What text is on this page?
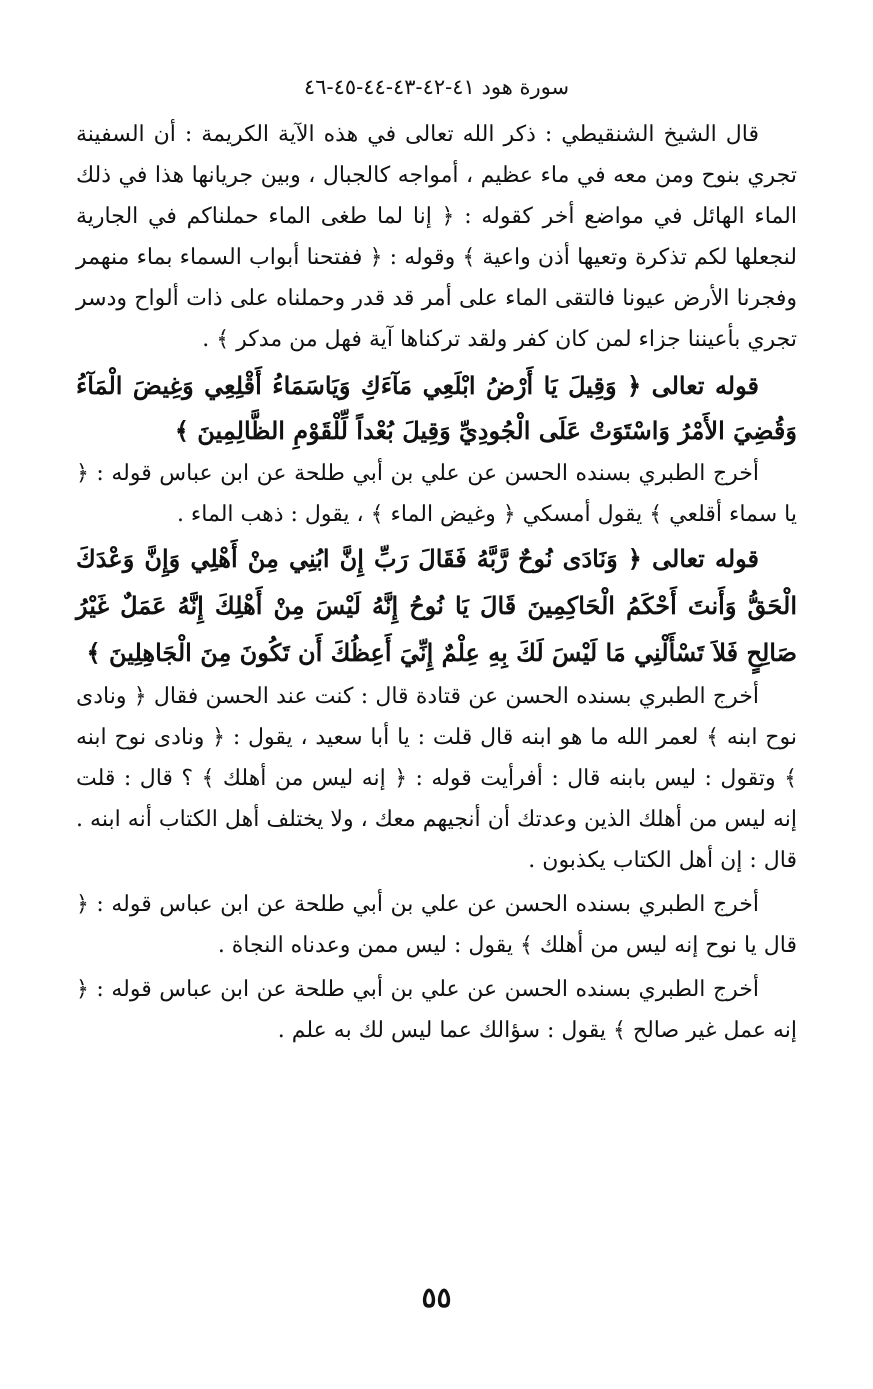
سورة هود ٤١-٤٢-٤٣-٤٤-٤٥-٤٦

قال الشيخ الشنقيطي : ذكر الله تعالى في هذه الآية الكريمة : أن السفينة تجري بنوح ومن معه في ماء عظيم ، أمواجه كالجبال ، وبين جريانها هذا في ذلك الماء الهائل في مواضع أخر كقوله : ﴿ إنا لما طغى الماء حملناكم في الجارية لنجعلها لكم تذكرة وتعيها أذن واعية ﴾ وقوله : ﴿ ففتحنا أبواب السماء بماء منهمر وفجرنا الأرض عيونا فالتقى الماء على أمر قد قدر وحملناه على ذات ألواح ودسر تجري بأعيننا جزاء لمن كان كفر ولقد تركناها آية فهل من مدكر ﴾ .

قوله تعالى ﴿ وَقِيلَ يَا أَرْضُ ابْلَعِي مَآءَكِ وَيَاسَمَاءُ أَقْلِعِي وَغِيضَ الْمَآءُ وَقُضِيَ الأَمْرُ وَاسْتَوَتْ عَلَى الْجُودِيِّ وَقِيلَ بُعْداً لِّلْقَوْمِ الظَّالِمِينَ ﴾

أخرج الطبري بسنده الحسن عن علي بن أبي طلحة عن ابن عباس قوله : ﴿ يا سماء أقلعي ﴾ يقول أمسكي ﴿ وغيض الماء ﴾ ، يقول : ذهب الماء .

قوله تعالى ﴿ وَنَادَى نُوحٌ رَّبَّهُ فَقَالَ رَبِّ إِنَّ ابُنِي مِنْ أَهْلِي وَإِنَّ وَعْدَكَ الْحَقُّ وَأَنتَ أَحْكَمُ الْحَاكِمِينَ قَالَ يَا نُوحُ إِنَّهُ لَيْسَ مِنْ أَهْلِكَ إِنَّهُ عَمَلٌ غَيْرُ صَالِحٍ فَلاَ تَسْأَلْنِي مَا لَيْسَ لَكَ بِهِ عِلْمٌ إِنِّيَ أَعِظُكَ أَن تَكُونَ مِنَ الْجَاهِلِينَ ﴾

أخرج الطبري بسنده الحسن عن قتادة قال : كنت عند الحسن فقال ﴿ ونادى نوح ابنه ﴾ لعمر الله ما هو ابنه قال قلت : يا أبا سعيد ، يقول : ﴿ ونادى نوح ابنه ﴾ وتقول : ليس بابنه قال : أفرأيت قوله : ﴿ إنه ليس من أهلك ﴾ ؟ قال : قلت إنه ليس من أهلك الذين وعدتك أن أنجيهم معك ، ولا يختلف أهل الكتاب أنه ابنه . قال : إن أهل الكتاب يكذبون .

أخرج الطبري بسنده الحسن عن علي بن أبي طلحة عن ابن عباس قوله : ﴿ قال يا نوح إنه ليس من أهلك ﴾ يقول : ليس ممن وعدناه النجاة .

أخرج الطبري بسنده الحسن عن علي بن أبي طلحة عن ابن عباس قوله : ﴿ إنه عمل غير صالح ﴾ يقول : سؤالك عما ليس لك به علم .

٥٥
